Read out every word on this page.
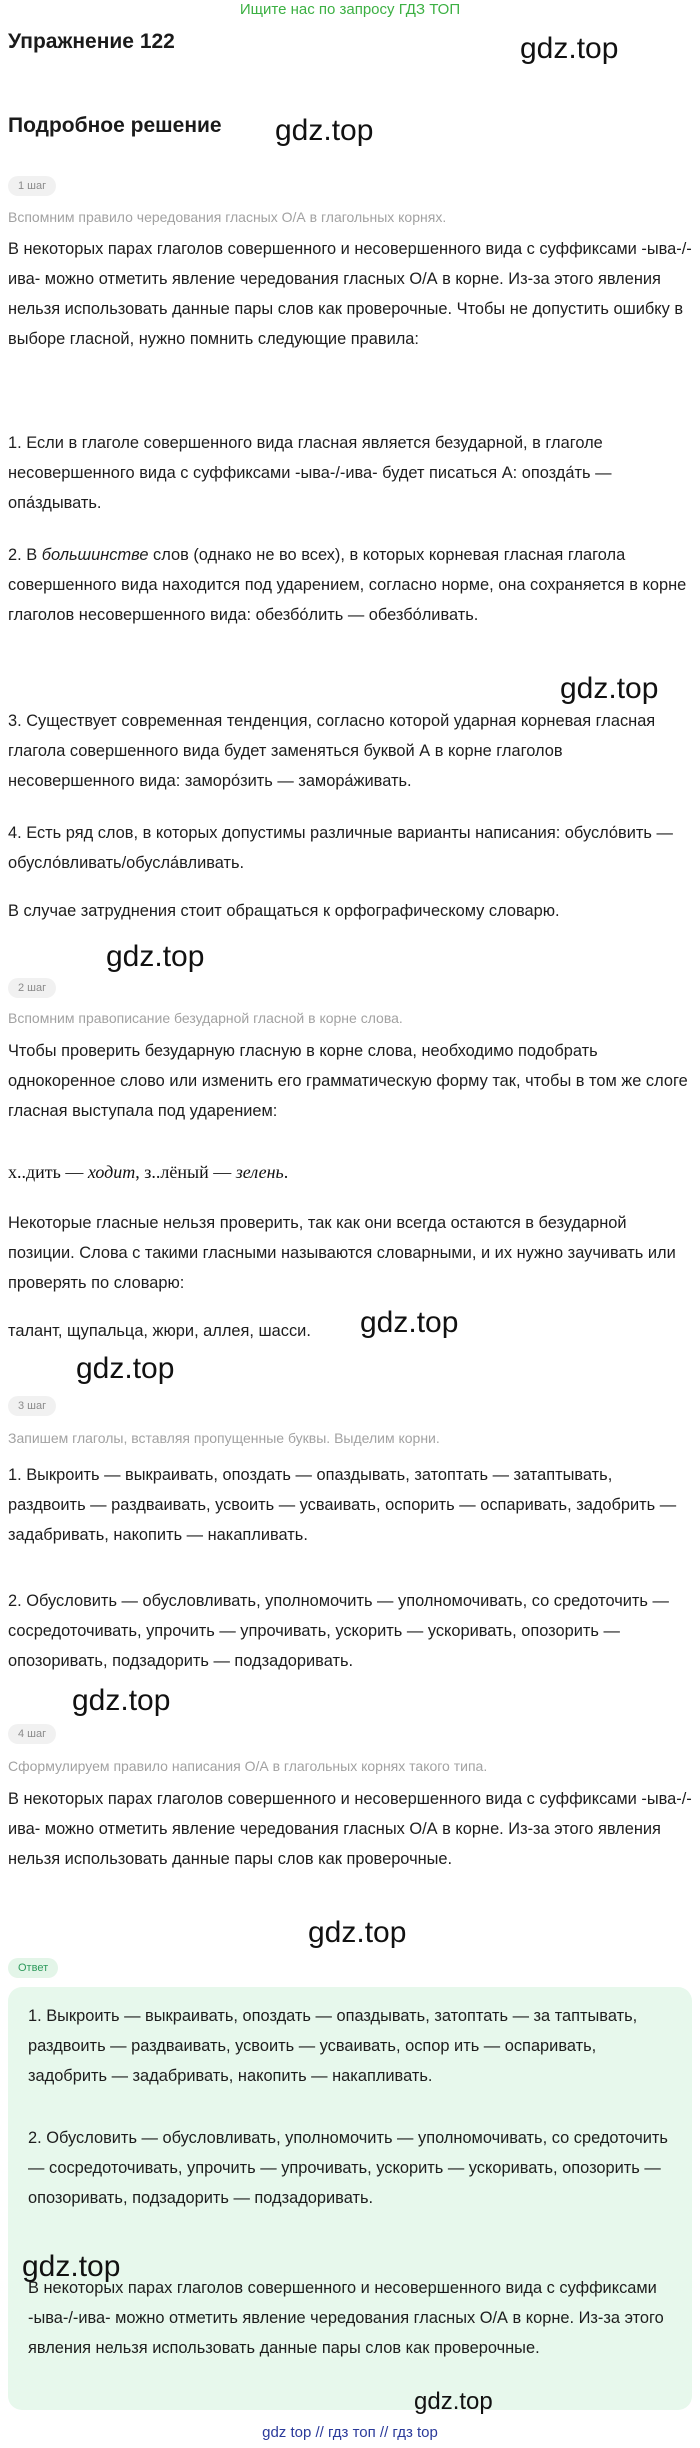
Ищите нас по запросу ГДЗ ТОП
Упражнение 122	gdz.top
Подробное решение gdz.top
1 шаг
Вспомним правило чередования гласных О/А в глагольных корнях.
В некоторых парах глаголов совершенного и несовершенного вида с суффиксами -ыва-/-ива- можно отметить явление чередования гласных О/А в корне. Из-за этого явления нельзя использовать данные пары слов как проверочные. Чтобы не допустить ошибку в выборе гласной, нужно помнить следующие правила:
1. Если в глаголе совершенного вида гласная является безударной, в глаголе несовершенного вида с суффиксами -ыва-/-ива- будет писаться А: опозда́ть — опа́здывать.
2. В большинстве слов (однако не во всех), в которых корневая гласная глагола совершенного вида находится под ударением, согласно норме, она сохраняется в корне глаголов несовершенного вида: обезбо́лить — обезбо́ливать.
gdz.top
3. Существует современная тенденция, согласно которой ударная корневая гласная глагола совершенного вида будет заменяться буквой А в корне глаголов несовершенного вида: заморо́зить — замора́живать.
4. Есть ряд слов, в которых допустимы различные варианты написания: обусло́вить — обусло́вливать/обусла́вливать.
В случае затруднения стоит обращаться к орфографическому словарю.
gdz.top
2 шаг
Вспомним правописание безударной гласной в корне слова.
Чтобы проверить безударную гласную в корне слова, необходимо подобрать однокоренное слово или изменить его грамматическую форму так, чтобы в том же слоге гласная выступала под ударением:
х..дить — ходит, з..лёный — зелень.
Некоторые гласные нельзя проверить, так как они всегда остаются в безударной позиции. Слова с такими гласными называются словарными, и их нужно заучивать или проверять по словарю:
gdz.top
талант, щупальца, жюри, аллея, шасси.
gdz.top
3 шаг
Запишем глаголы, вставляя пропущенные буквы. Выделим корни.
1. Выкроить — выкраивать, опоздать — опаздывать, затоптать — затаптывать, раздвоить — раздваивать, усвоить — усваивать, оспорить — оспаривать, задобрить — задабривать, накопить — накапливать.
2. Обусловить — обусловливать, уполномочить — уполномочивать, со средоточить — сосредоточивать, упрочить — упрочивать, ускорить — ускоривать, опозорить — опозоривать, подзадорить — подзадоривать.
gdz.top
4 шаг
Сформулируем правило написания О/А в глагольных корнях такого типа.
В некоторых парах глаголов совершенного и несовершенного вида с суффиксами -ыва-/-ива- можно отметить явление чередования гласных О/А в корне. Из-за этого явления нельзя использовать данные пары слов как проверочные.
gdz.top
Ответ
1. Выкроить — выкраивать, опоздать — опаздывать, затоптать — за таптывать, раздвоить — раздваивать, усвоить — усваивать, оспор ить — оспаривать, задобрить — задабривать, накопить — накапливать.
2. Обусловить — обусловливать, уполномочить — уполномочивать, со средоточить — сосредоточивать, упрочить — упрочивать, ускорить — ускоривать, опозорить — опозоривать, подзадорить — подзадоривать.
В некоторых парах глаголов совершенного и несовершенного вида с суффиксами -ыва-/-ива- можно отметить явление чередования гласных О/А в корне. Из-за этого явления нельзя использовать данные пары слов как проверочные.
gdz.top
gdz.top
gdz top // гдз топ // гдз top
